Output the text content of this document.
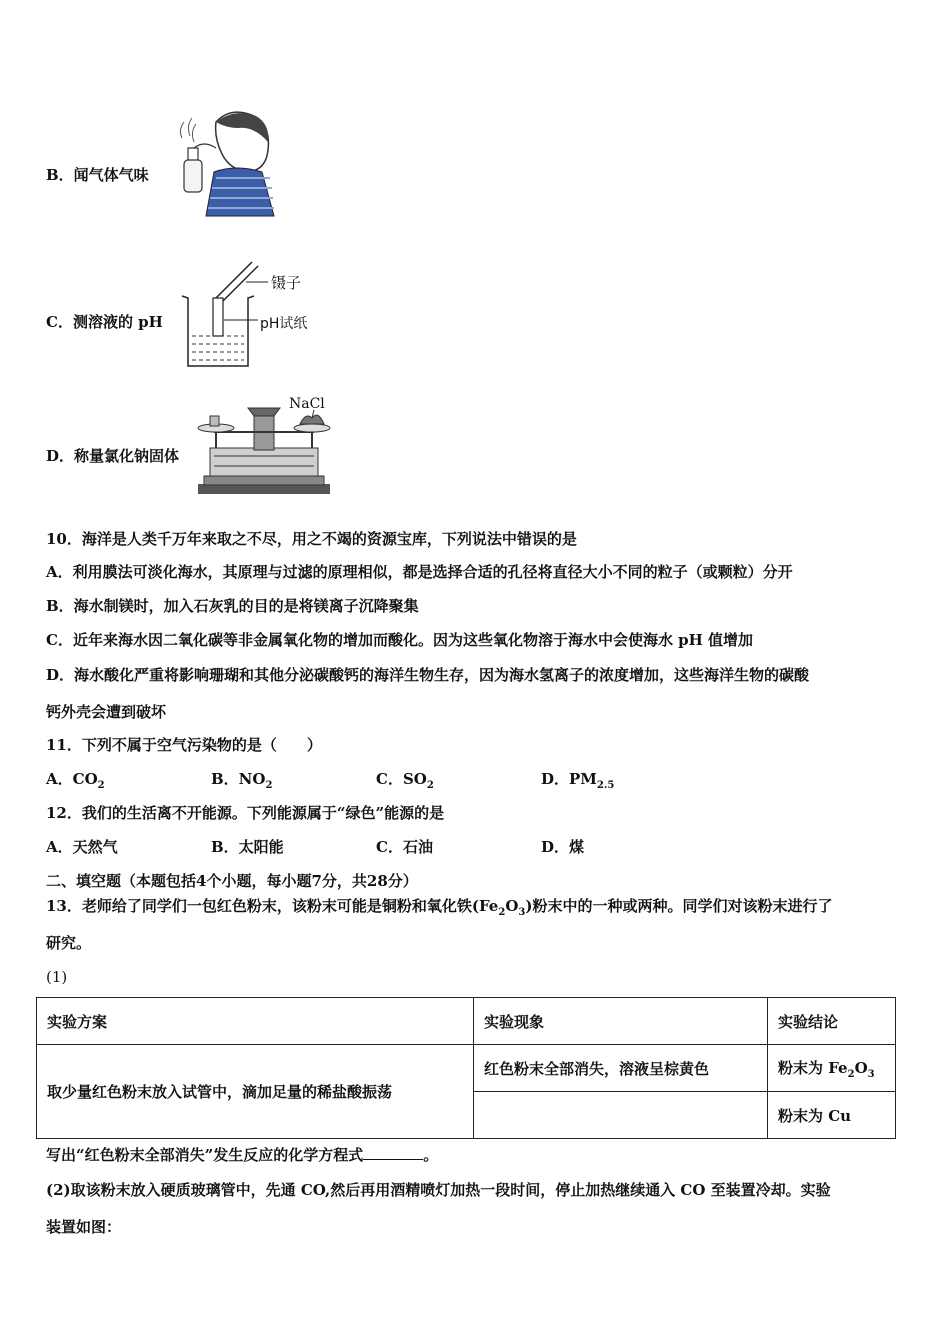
B．闻气体气味
C．测溶液的 pH
镊子
pH试纸
D．称量氯化钠固体
NaCl
10．海洋是人类千万年来取之不尽，用之不竭的资源宝库，下列说法中错误的是
A．利用膜法可淡化海水，其原理与过滤的原理相似，都是选择合适的孔径将直径大小不同的粒子（或颗粒）分开
B．海水制镁时，加入石灰乳的目的是将镁离子沉降聚集
C．近年来海水因二氧化碳等非金属氧化物的增加而酸化。因为这些氧化物溶于海水中会使海水 pH 值增加
D．海水酸化严重将影响珊瑚和其他分泌碳酸钙的海洋生物生存，因为海水氢离子的浓度增加，这些海洋生物的碳酸
钙外壳会遭到破坏
11．下列不属于空气污染物的是（　　）
A．$CO_2$	B．$NO_2$	C．$SO_2$	D．$PM_{2.5}$
12．我们的生活离不开能源。下列能源属于“绿色”能源的是
A．天然气	B．太阳能	C．石油	D．煤
二、填空题（本题包括4个小题，每小题7分，共28分）
13．老师给了同学们一包红色粉末，该粉末可能是铜粉和氧化铁$(Fe_2O_3)$粉末中的一种或两种。同学们对该粉末进行了
研究。
(1)
实验方案	实验现象	实验结论
取少量红色粉末放入试管中，滴加足量的稀盐酸振荡	红色粉末全部消失，溶液呈棕黄色	粉末为 $Fe_2O_3$
		粉末为 Cu
写出“红色粉末全部消失”发生反应的化学方程式	。
(2)取该粉末放入硬质玻璃管中，先通 CO,然后再用酒精喷灯加热一段时间，停止加热继续通入 CO 至装置冷却。实验
装置如图：
